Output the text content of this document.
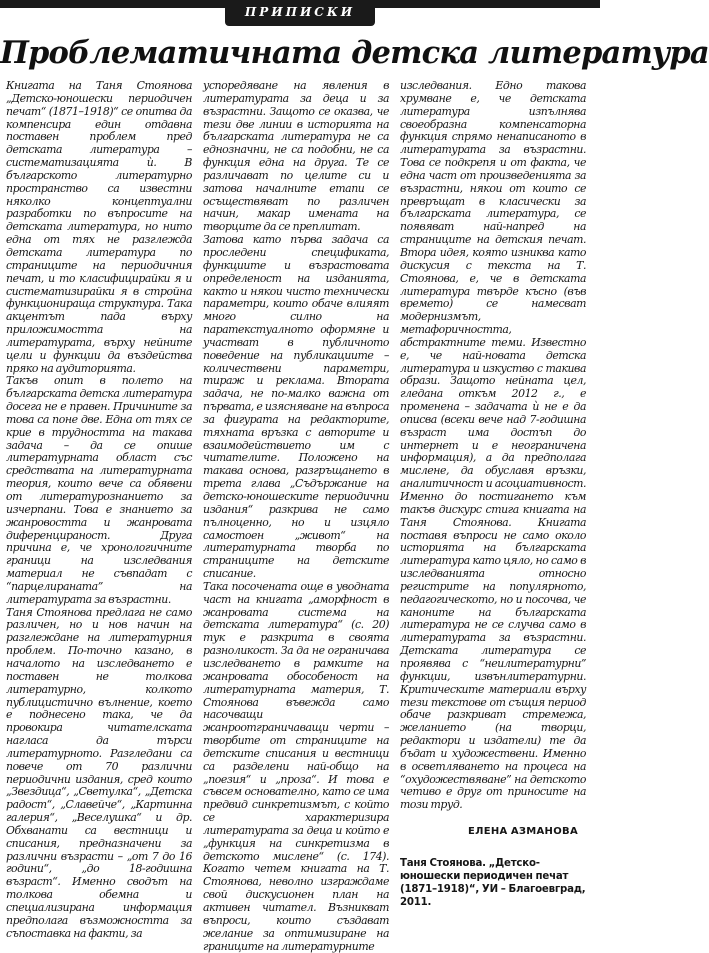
ПРИПИСКИ
Проблематичната детска литература

Книгата на Таня Стоянова „Детско-юношески периодичен печат“ (1871–1918)“ се опитва да компенсира един отдавна поставен проблем пред детската литература – систематизацията ѝ. В българското литературно пространство са известни няколко концептуални разработки по въпросите на детската литература, но нито една от тях не разглежда детската литература по страниците на периодичния печат, и то класифицирайки я и систематизирайки я в стройна функционираща структура. Така акцентът пада върху приложимостта на литературата, върху нейните цели и функции да въздейства пряко на аудиторията.

Такъв опит в полето на българската детска литература досега не е правен. Причините за това са поне две. Една от тях се крие в трудността на такава задача – да се опише литературната област със средствата на литературната теория, които вече са обявени от литературознанието за изчерпани. Това е знанието за жанровостта и жанровата диференцираност. Друга причина е, че хронологичните граници на изследвания материал не съвпадат с “парцелираната” на литературата за възрастни.

Таня Стоянова предлага не само различен, но и нов начин на разглеждане на литературния проблем. По-точно казано, в началото на изследването е поставен не толкова литературно, колкото публицистично вълнение, което е поднесено така, че да провокира читателската нагласа да търси литературното. Разгледани са повече от 70 различни периодични издания, сред които „Звездица“, „Светулка“, „Детска радост“, „Славейче“, „Картинна галерия“, „Веселушка“ и др. Обхванати са вестници и списания, предназначени за различни възрасти – „от 7 до 16 години“, „до 18-годишна възраст“. Именно сводът на толкова обемна и специализирана информация предполага възможността за съпоставка на факти, за

успоредяване на явления в литературата за деца и за възрастни. Защото се оказва, че тези две линии в историята на българската литература не са еднозначни, не са подобни, не са функция една на друга. Те се различават по целите си и затова началните етапи се осъществяват по различен начин, макар имената на творците да се преплитат.

Затова като първа задача са проследени спецификата, функциите и възрастовата определеност на изданията, както и някои чисто технически параметри, които обаче влияят много силно на паратекстуалното оформяне и участват в публичното поведение на публикациите – количествени параметри, тираж и реклама. Втората задача, не по-малко важна от първата, е изясняване на въпроса за фигурата на редакторите, тяхната връзка с авторите и взаимодействието им с читателите. Положено на такава основа, разгръщането в трета глава „Съдържание на детско-юношеските периодични издания“ разкрива не само пълноценно, но и изцяло самостоен „живот“ на литературната творба по страниците на детските списание.

Така посочената още в уводната част на книгата „аморфност в жанровата система на детската литература“ (с. 20) тук е разкрита в своята разноликост. За да не ограничава изследването в рамките на жанровата обособеност на литературната материя, Т. Стоянова въвежда само насочващи жанроотграничаващи черти – творбите от страниците на детските списания и вестници са разделени най-общо на „поезия“ и „проза“. И това е съвсем основателно, като се има предвид синкретизмът, с който се характеризира литературата за деца и който е „функция на синкретизма в детското мислене“ (с. 174). Когато четем книгата на Т. Стоянова, неволно изграждаме свой дискусионен план на активен читател. Възникват въпроси, които създават желание за оптимизиране на границите на литературните

изследвания. Едно такова хрумване е, че детската литература изпълнява своеобразна компенсаторна функция спрямо ненаписаното в литературата за възрастни. Това се подкрепя и от факта, че една част от произведенията за възрастни, някои от които се превръщат в класически за българската литература, се появяват най-напред на страниците на детския печат. Втора идея, която изниква като дискусия с текста на Т. Стоянова, е, че в детската литература твърде късно (във времето) се намесват модернизмът, метафоричността, абстрактните теми. Известно е, че най-новата детска литература и изкуство с такива образи. Защото нейната цел, гледана откъм 2012 г., е променена – задачата ѝ не е да описва (всеки вече над 7-годишна възраст има достъп до интернет и е неограничена информация), а да предполага мислене, да обуславя връзки, аналитичност и асоциативност. Именно до постигането към такъв дискурс стига книгата на Таня Стоянова. Книгата поставя въпроси не само около историята на българската литература като цяло, но само в изследванията относно регистрите на популярното, педагогическото, но и посочва, че каноните на българската литература не се случва само в литературата за възрастни. Детската литература се проявява с “неилитературни” функции, извънлитературни. Критическите материали върху тези текстове от същия период обаче разкриват стремежа, желанието (на творци, редактори и издатели) те да бъдат и художествени. Именно в осветляването на процеса на “охудожествяване” на детското четиво е друг от приносите на този труд.

ЕЛЕНА АЗМАНОВА
Таня Стоянова. „Детско-юношески периодичен печат (1871–1918)“, УИ – Благоевград, 2011.
